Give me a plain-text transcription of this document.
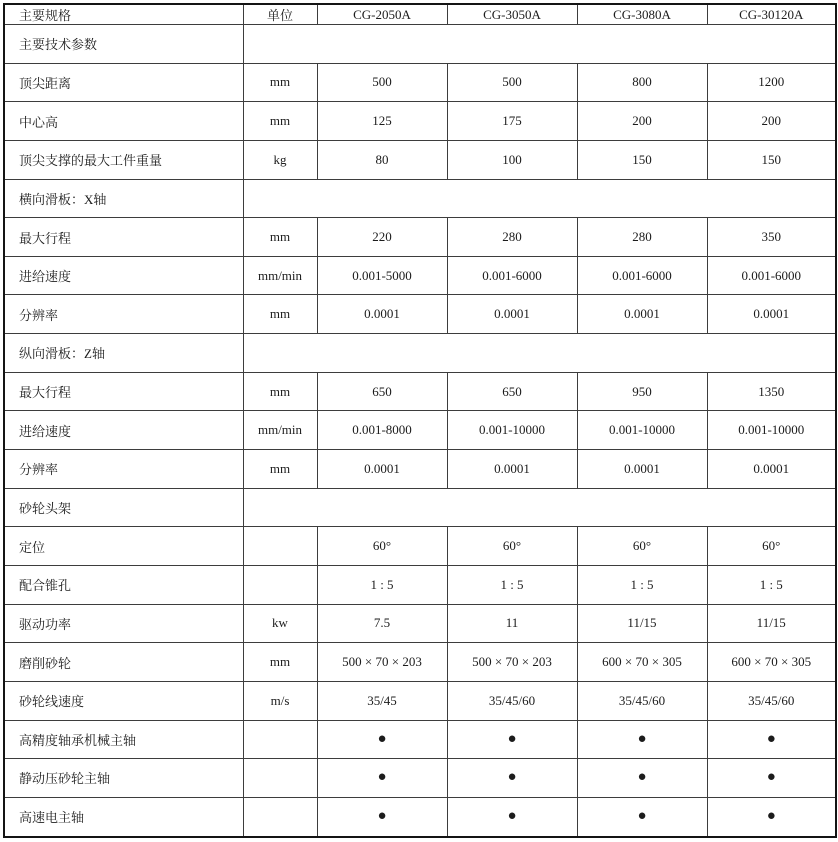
主要规格	单位	CG-2050A	CG-3050A	CG-3080A	CG-30120A
主要技术参数					
顶尖距离	mm	500	500	800	1200
中心高	mm	125	175	200	200
顶尖支撑的最大工件重量	kg	80	100	150	150
横向滑板：X轴					
最大行程	mm	220	280	280	350
进给速度	mm/min	0.001-5000	0.001-6000	0.001-6000	0.001-6000
分辨率	mm	0.0001	0.0001	0.0001	0.0001
纵向滑板：Z轴					
最大行程	mm	650	650	950	1350
进给速度	mm/min	0.001-8000	0.001-10000	0.001-10000	0.001-10000
分辨率	mm	0.0001	0.0001	0.0001	0.0001
砂轮头架					
定位		60°	60°	60°	60°
配合锥孔		1 : 5	1 : 5	1 : 5	1 : 5
驱动功率	kw	7.5	11	11/15	11/15
磨削砂轮	mm	500 × 70 × 203	500 × 70 × 203	600 × 70 × 305	600 × 70 × 305
砂轮线速度	m/s	35/45	35/45/60	35/45/60	35/45/60
高精度轴承机械主轴		●	●	●	●
静动压砂轮主轴		●	●	●	●
高速电主轴		●	●	●	●
